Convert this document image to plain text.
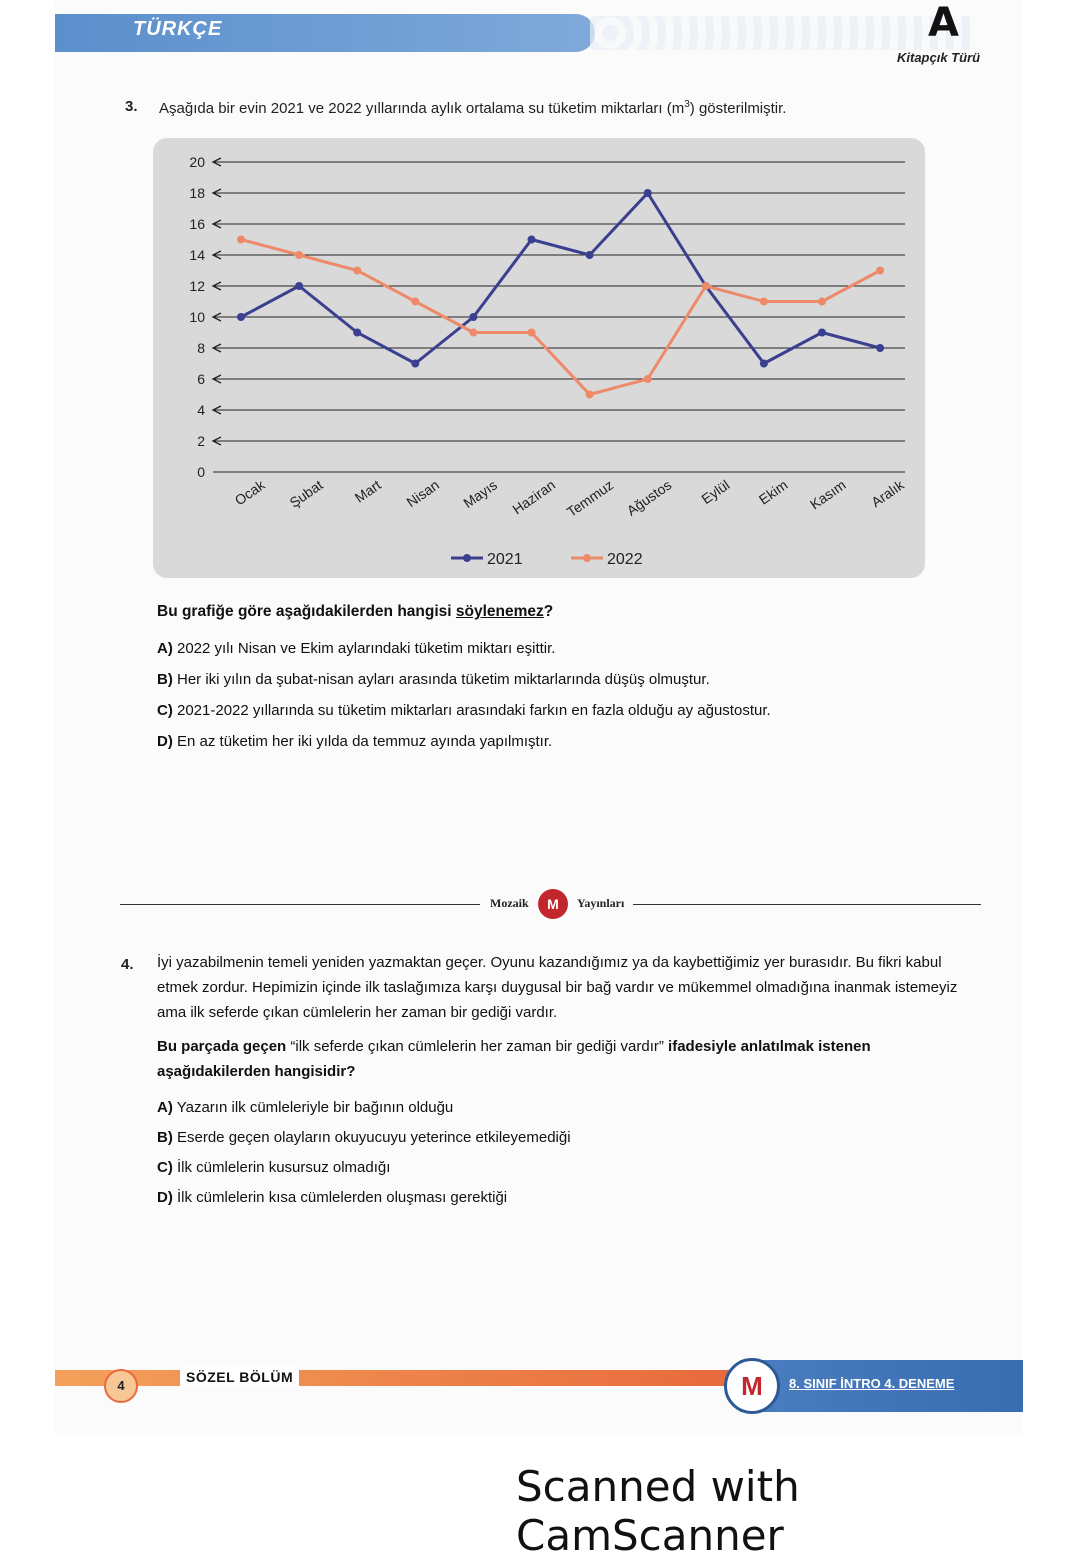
TÜRKÇE	A
Kitapçık Türü
3. Aşağıda bir evin 2021 ve 2022 yıllarında aylık ortalama su tüketim miktarları $(m^3)$ gösterilmiştir.
0
2
4
6
8
10
12
14
16
18
20
Ocak Şubat Mart Nisan Mayıs Haziran Temmuz Ağustos Eylül Ekim Kasım Aralık
2021	2022
Bu grafiğe göre aşağıdakilerden hangisi söylenemez?
A) 2022 yılı Nisan ve Ekim aylarındaki tüketim miktarı eşittir.
B) Her iki yılın da şubat-nisan ayları arasında tüketim miktarlarında düşüş olmuştur.
C) 2021-2022 yıllarında su tüketim miktarları arasındaki farkın en fazla olduğu ay ağustostur.
D) En az tüketim her iki yılda da temmuz ayında yapılmıştır.
Mozaik	M	Yayınları
4. İyi yazabilmenin temeli yeniden yazmaktan geçer. Oyunu kazandığımız ya da kaybettiğimiz yer burasıdır. Bu fikri kabul etmek zordur. Hepimizin içinde ilk taslağımıza karşı duygusal bir bağ vardır ve mükemmel olmadığına inanmak istemeyiz ama ilk seferde çıkan cümlelerin her zaman bir gediği vardır.
Bu parçada geçen “ilk seferde çıkan cümlelerin her zaman bir gediği vardır” ifadesiyle anlatılmak istenen aşağıdakilerden hangisidir?
A) Yazarın ilk cümleleriyle bir bağının olduğu
B) Eserde geçen olayların okuyucuyu yeterince etkileyemediği
C) İlk cümlelerin kusursuz olmadığı
D) İlk cümlelerin kısa cümlelerden oluşması gerektiği
4
SÖZEL BÖLÜM	M	8. SINIF İNTRO 4. DENEME
Scanned with CamScanner
